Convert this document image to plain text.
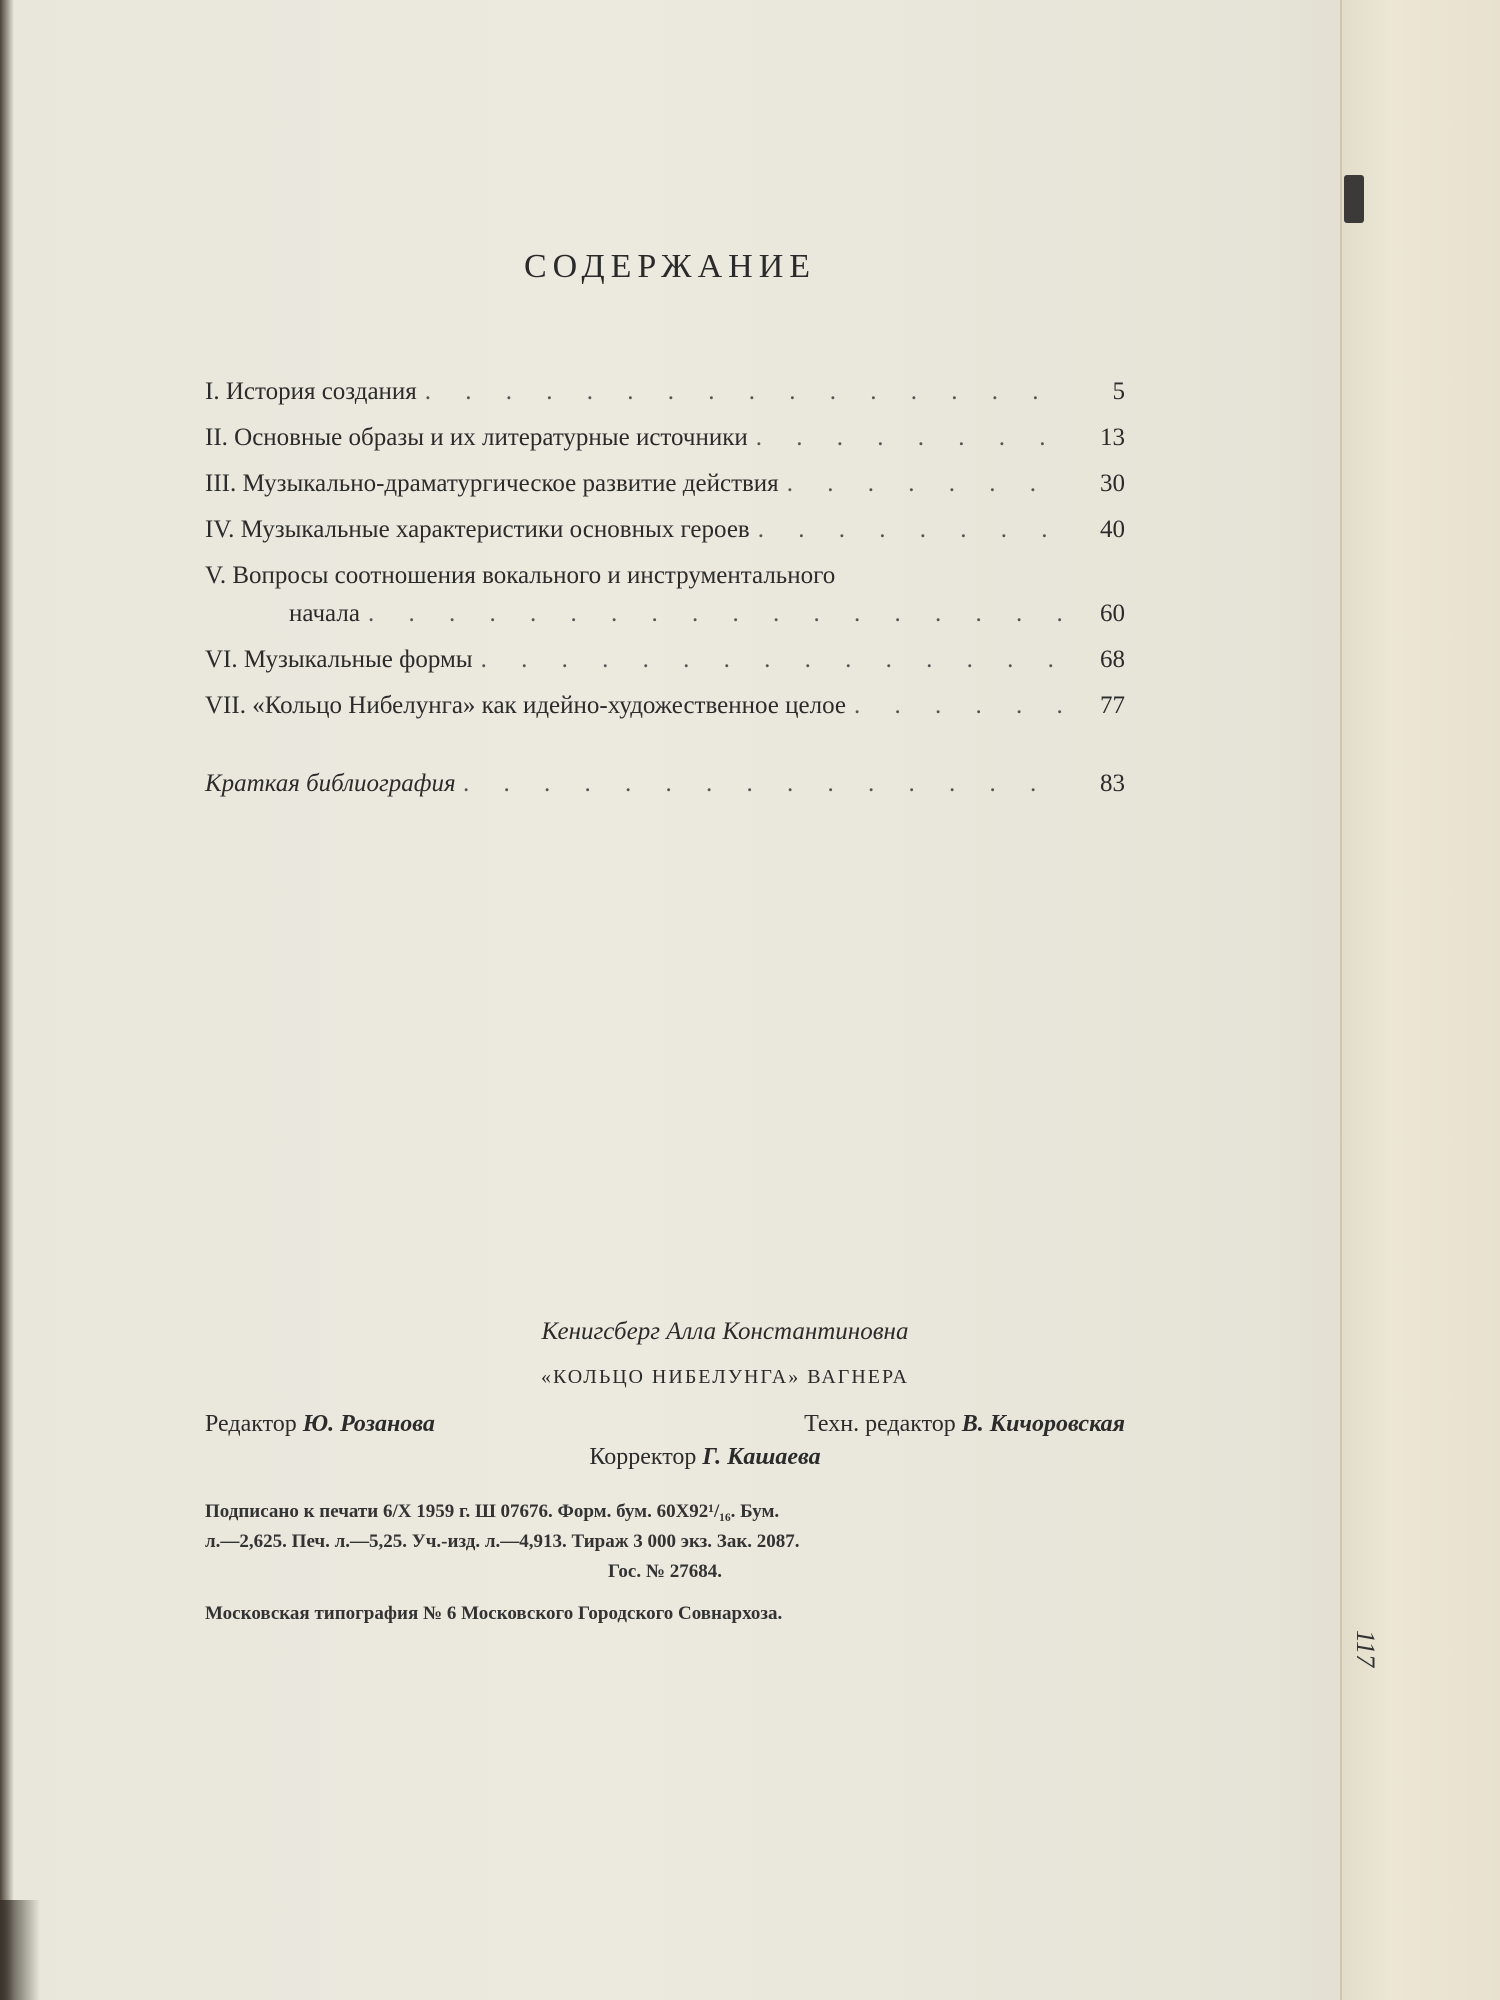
117
СОДЕРЖАНИЕ
I. История создания . . .	5
II. Основные образы и их литературные источники . . .	13
III. Музыкально-драматургическое развитие действия . . .	30
IV. Музыкальные характеристики основных героев . . .	40
V. Вопросы соотношения вокального и инструментального
начала . . .	60
VI. Музыкальные формы . . .	68
VII. «Кольцо Нибелунга» как идейно-художественное целое . . .	77
Краткая библиография . . .	83
Кенигсберг Алла Константиновна
«КОЛЬЦО НИБЕЛУНГА» ВАГНЕРА
Редактор Ю. Розанова	Техн. редактор В. Кичоровская
Корректор Г. Кашаева
Подписано к печати 6/Х 1959 г. Ш 07676. Форм. бум. 60Х92¹/₁₆. Бум.
л.—2,625. Печ. л.—5,25. Уч.-изд. л.—4,913. Тираж 3 000 экз. Зак. 2087.
Гос. № 27684.
Московская типография № 6 Московского Городского Совнархоза.
